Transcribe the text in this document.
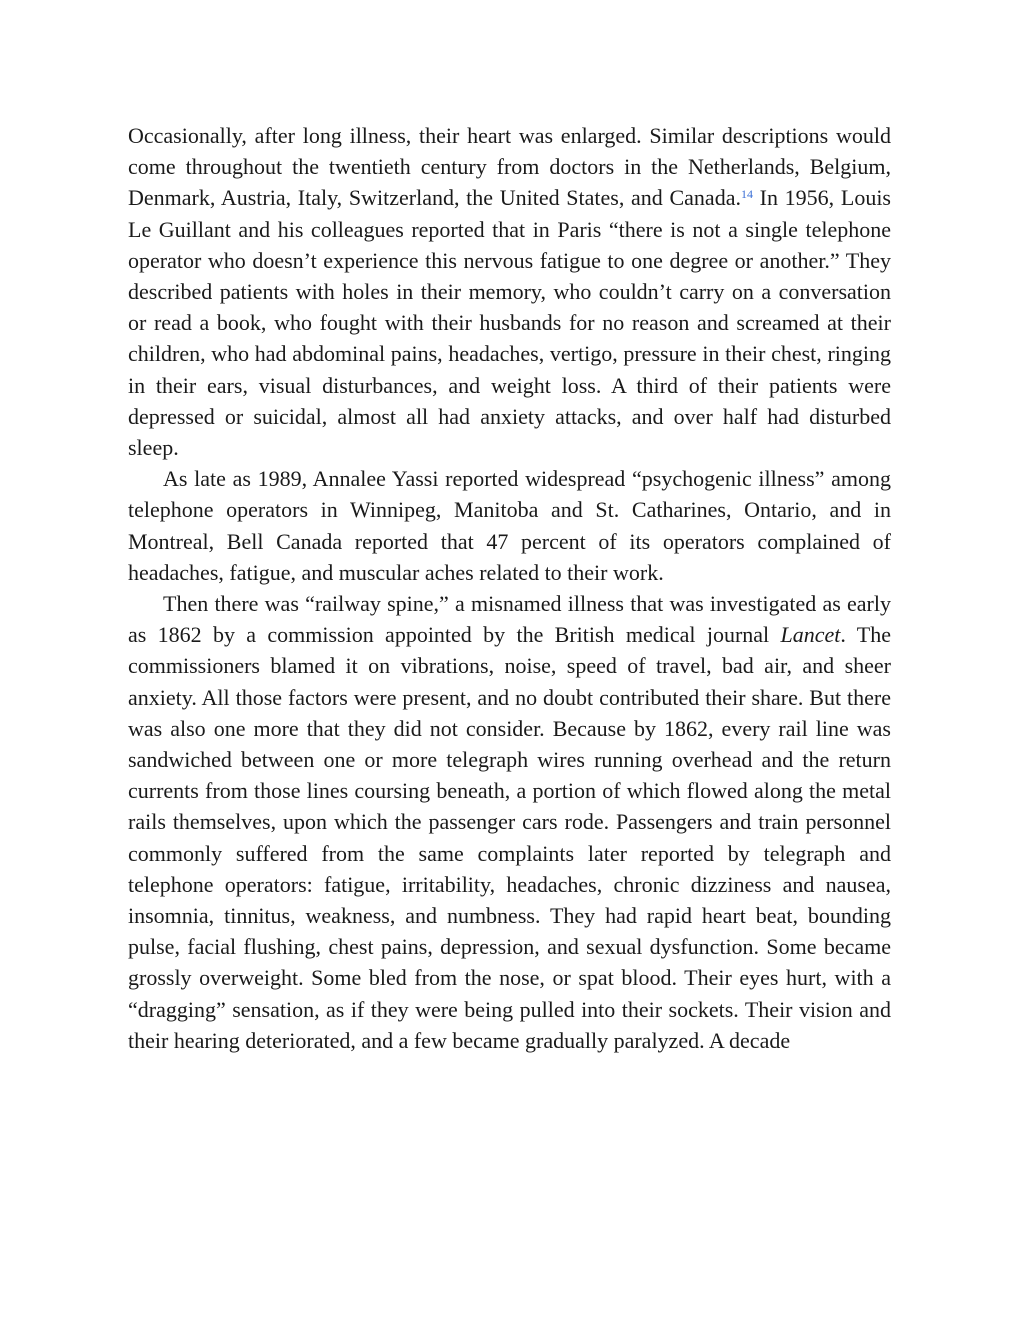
Occasionally, after long illness, their heart was enlarged. Similar descriptions would come throughout the twentieth century from doctors in the Netherlands, Belgium, Denmark, Austria, Italy, Switzerland, the United States, and Canada.$^{14}$ In 1956, Louis Le Guillant and his colleagues reported that in Paris “there is not a single telephone operator who doesn’t experience this nervous fatigue to one degree or another.” They described patients with holes in their memory, who couldn’t carry on a conversation or read a book, who fought with their husbands for no reason and screamed at their children, who had abdominal pains, headaches, vertigo, pressure in their chest, ringing in their ears, visual disturbances, and weight loss. A third of their patients were depressed or suicidal, almost all had anxiety attacks, and over half had disturbed sleep.

As late as 1989, Annalee Yassi reported widespread “psychogenic illness” among telephone operators in Winnipeg, Manitoba and St. Catharines, Ontario, and in Montreal, Bell Canada reported that 47 percent of its operators complained of headaches, fatigue, and muscular aches related to their work.

Then there was “railway spine,” a misnamed illness that was investigated as early as 1862 by a commission appointed by the British medical journal Lancet. The commissioners blamed it on vibrations, noise, speed of travel, bad air, and sheer anxiety. All those factors were present, and no doubt contributed their share. But there was also one more that they did not consider. Because by 1862, every rail line was sandwiched between one or more telegraph wires running overhead and the return currents from those lines coursing beneath, a portion of which flowed along the metal rails themselves, upon which the passenger cars rode. Passengers and train personnel commonly suffered from the same complaints later reported by telegraph and telephone operators: fatigue, irritability, headaches, chronic dizziness and nausea, insomnia, tinnitus, weakness, and numbness. They had rapid heart beat, bounding pulse, facial flushing, chest pains, depression, and sexual dysfunction. Some became grossly overweight. Some bled from the nose, or spat blood. Their eyes hurt, with a “dragging” sensation, as if they were being pulled into their sockets. Their vision and their hearing deteriorated, and a few became gradually paralyzed. A decade
